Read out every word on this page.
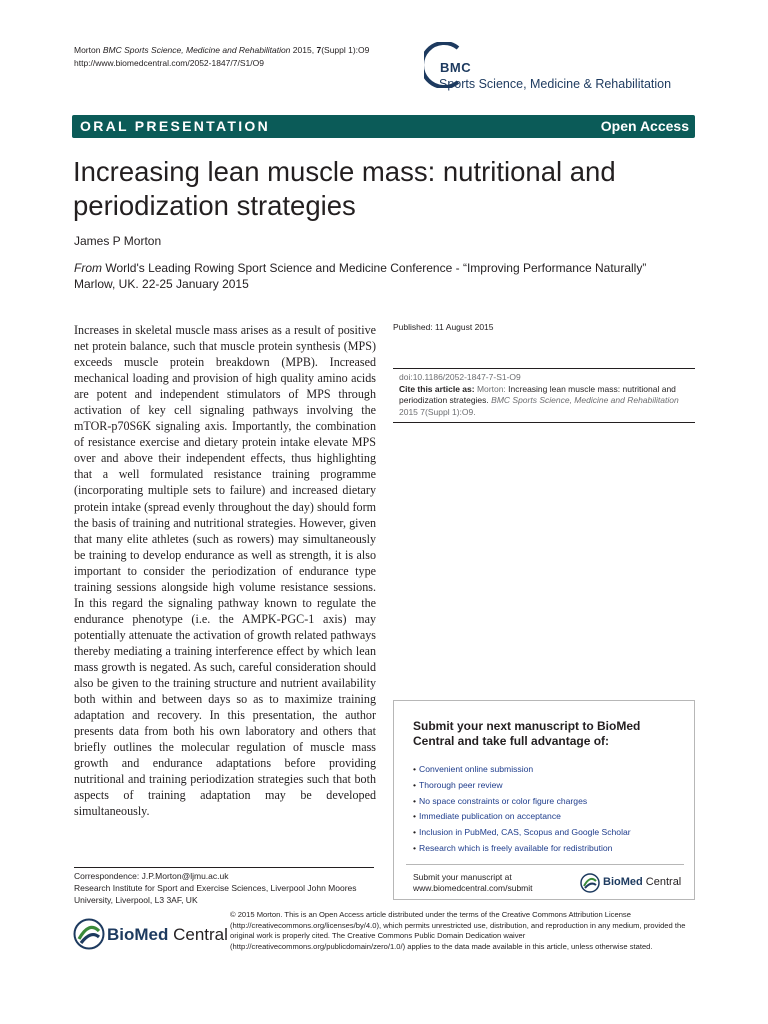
Morton BMC Sports Science, Medicine and Rehabilitation 2015, 7(Suppl 1):O9
http://www.biomedcentral.com/2052-1847/7/S1/O9	BMC
Sports Science, Medicine & Rehabilitation
ORAL PRESENTATION	Open Access
Increasing lean muscle mass: nutritional and periodization strategies
James P Morton
From World's Leading Rowing Sport Science and Medicine Conference - “Improving Performance Naturally”
Marlow, UK. 22-25 January 2015
Increases in skeletal muscle mass arises as a result of positive net protein balance, such that muscle protein synthesis (MPS) exceeds muscle protein breakdown (MPB). Increased mechanical loading and provision of high quality amino acids are potent and independent stimulators of MPS through activation of key cell signaling pathways involving the mTOR-p70S6K signaling axis. Importantly, the combination of resistance exercise and dietary protein intake elevate MPS over and above their independent effects, thus highlighting that a well formulated resistance training programme (incorporating multiple sets to failure) and increased dietary protein intake (spread evenly throughout the day) should form the basis of training and nutritional strategies. However, given that many elite athletes (such as rowers) may simultaneously be training to develop endurance as well as strength, it is also important to consider the periodization of endurance type training sessions alongside high volume resistance sessions. In this regard the signaling pathway known to regulate the endurance phenotype (i.e. the AMPK-PGC-1 axis) may potentially attenuate the activation of growth related pathways thereby mediating a training interference effect by which lean mass growth is negated. As such, careful consideration should also be given to the training structure and nutrient availability both within and between days so as to maximize training adaptation and recovery. In this presentation, the author presents data from both his own laboratory and others that briefly outlines the molecular regulation of muscle mass growth and endurance adaptations before providing nutritional and training periodization strategies such that both aspects of training adaptation may be developed simultaneously.
Published: 11 August 2015
doi:10.1186/2052-1847-7-S1-O9
Cite this article as: Morton: Increasing lean muscle mass: nutritional and periodization strategies. BMC Sports Science, Medicine and Rehabilitation 2015 7(Suppl 1):O9.
Correspondence: J.P.Morton@ljmu.ac.uk
Research Institute for Sport and Exercise Sciences, Liverpool John Moores University, Liverpool, L3 3AF, UK
Submit your next manuscript to BioMed Central and take full advantage of:
• Convenient online submission
• Thorough peer review
• No space constraints or color figure charges
• Immediate publication on acceptance
• Inclusion in PubMed, CAS, Scopus and Google Scholar
• Research which is freely available for redistribution
Submit your manuscript at
www.biomedcentral.com/submit	BioMed Central
BioMed Central
© 2015 Morton. This is an Open Access article distributed under the terms of the Creative Commons Attribution License (http://creativecommons.org/licenses/by/4.0), which permits unrestricted use, distribution, and reproduction in any medium, provided the original work is properly cited. The Creative Commons Public Domain Dedication waiver (http://creativecommons.org/publicdomain/zero/1.0/) applies to the data made available in this article, unless otherwise stated.
